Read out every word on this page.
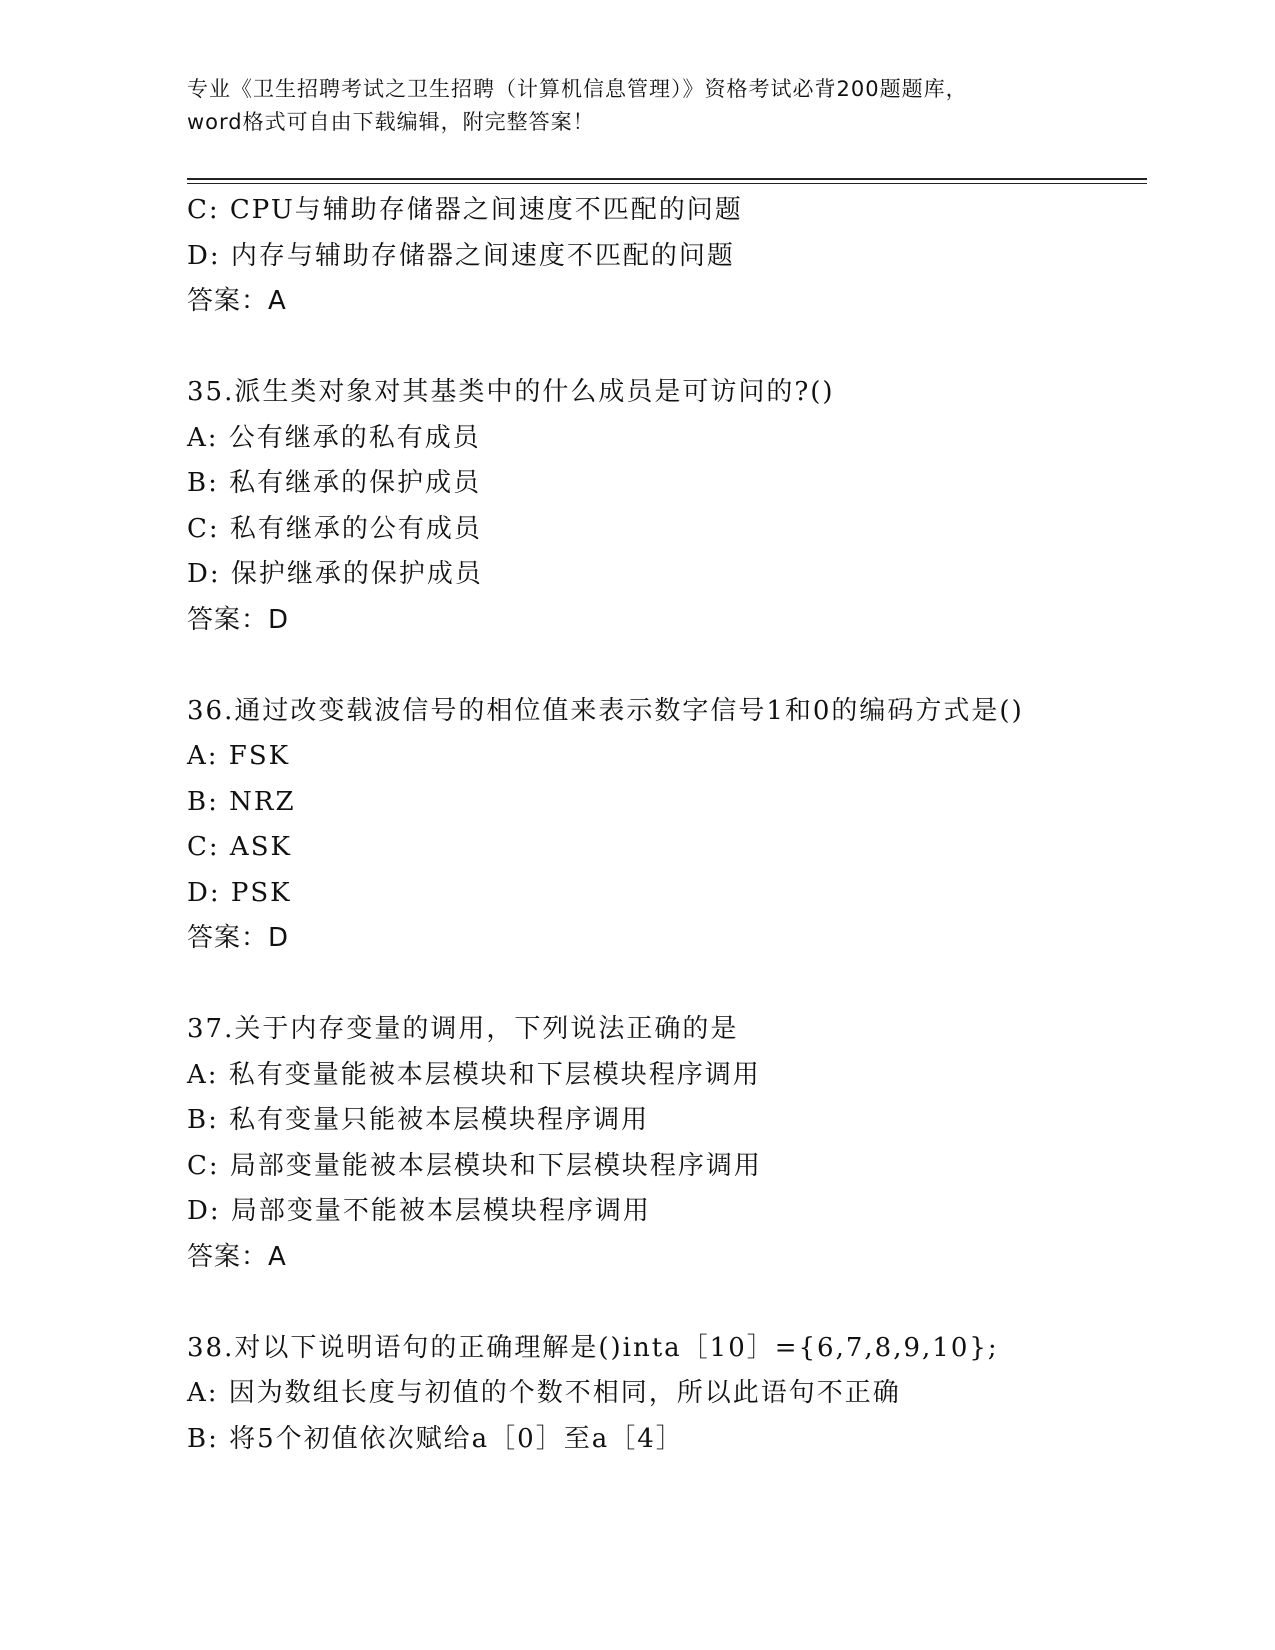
专业《卫生招聘考试之卫生招聘（计算机信息管理）》资格考试必背200题题库，
word格式可自由下载编辑，附完整答案！
C: CPU与辅助存储器之间速度不匹配的问题
D: 内存与辅助存储器之间速度不匹配的问题
答案：A
35.派生类对象对其基类中的什么成员是可访问的?()
A: 公有继承的私有成员
B: 私有继承的保护成员
C: 私有继承的公有成员
D: 保护继承的保护成员
答案：D
36.通过改变载波信号的相位值来表示数字信号1和0的编码方式是()
A: FSK
B: NRZ
C: ASK
D: PSK
答案：D
37.关于内存变量的调用，下列说法正确的是
A: 私有变量能被本层模块和下层模块程序调用
B: 私有变量只能被本层模块程序调用
C: 局部变量能被本层模块和下层模块程序调用
D: 局部变量不能被本层模块程序调用
答案：A
38.对以下说明语句的正确理解是()inta［10］={6,7,8,9,10};
A: 因为数组长度与初值的个数不相同，所以此语句不正确
B: 将5个初值依次赋给a［0］至a［4］
